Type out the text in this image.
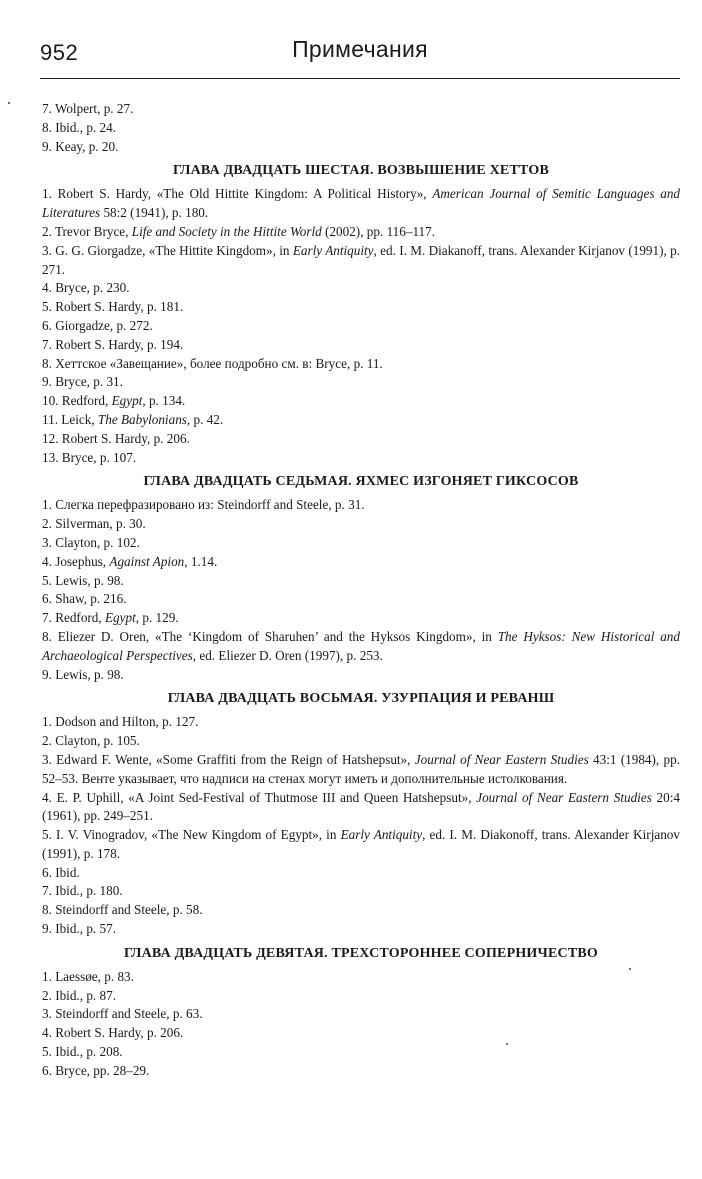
952	Примечания
7. Wolpert, p. 27.
8. Ibid., p. 24.
9. Keay, p. 20.
ГЛАВА ДВАДЦАТЬ ШЕСТАЯ. ВОЗВЫШЕНИЕ ХЕТТОВ
1. Robert S. Hardy, «The Old Hittite Kingdom: A Political History», American Journal of Semitic Languages and Literatures 58:2 (1941), p. 180.
2. Trevor Bryce, Life and Society in the Hittite World (2002), pp. 116–117.
3. G. G. Giorgadze, «The Hittite Kingdom», in Early Antiquity, ed. I. M. Diakanoff, trans. Alexander Kirjanov (1991), p. 271.
4. Bryce, p. 230.
5. Robert S. Hardy, p. 181.
6. Giorgadze, p. 272.
7. Robert S. Hardy, p. 194.
8. Хеттское «Завещание», более подробно см. в: Bryce, p. 11.
9. Bryce, p. 31.
10. Redford, Egypt, p. 134.
11. Leick, The Babylonians, p. 42.
12. Robert S. Hardy, p. 206.
13. Bryce, p. 107.
ГЛАВА ДВАДЦАТЬ СЕДЬМАЯ. ЯХМЕС ИЗГОНЯЕТ ГИКСОСОВ
1. Слегка перефразировано из: Steindorff and Steele, p. 31.
2. Silverman, p. 30.
3. Clayton, p. 102.
4. Josephus, Against Apion, 1.14.
5. Lewis, p. 98.
6. Shaw, p. 216.
7. Redford, Egypt, p. 129.
8. Eliezer D. Oren, «The ‘Kingdom of Sharuhen’ and the Hyksos Kingdom», in The Hyksos: New Historical and Archaeological Perspectives, ed. Eliezer D. Oren (1997), p. 253.
9. Lewis, p. 98.
ГЛАВА ДВАДЦАТЬ ВОСЬМАЯ. УЗУРПАЦИЯ И РЕВАНШ
1. Dodson and Hilton, p. 127.
2. Clayton, p. 105.
3. Edward F. Wente, «Some Graffiti from the Reign of Hatshepsut», Journal of Near Eastern Studies 43:1 (1984), pp. 52–53. Венте указывает, что надписи на стенах могут иметь и дополнительные истолкования.
4. E. P. Uphill, «A Joint Sed-Festival of Thutmose III and Queen Hatshepsut», Journal of Near Eastern Studies 20:4 (1961), pp. 249–251.
5. I. V. Vinogradov, «The New Kingdom of Egypt», in Early Antiquity, ed. I. M. Diakonoff, trans. Alexander Kirjanov (1991), p. 178.
6. Ibid.
7. Ibid., p. 180.
8. Steindorff and Steele, p. 58.
9. Ibid., p. 57.
ГЛАВА ДВАДЦАТЬ ДЕВЯТАЯ. ТРЕХСТОРОННЕЕ СОПЕРНИЧЕСТВО
1. Laessøe, p. 83.
2. Ibid., p. 87.
3. Steindorff and Steele, p. 63.
4. Robert S. Hardy, p. 206.
5. Ibid., p. 208.
6. Bryce, pp. 28–29.
